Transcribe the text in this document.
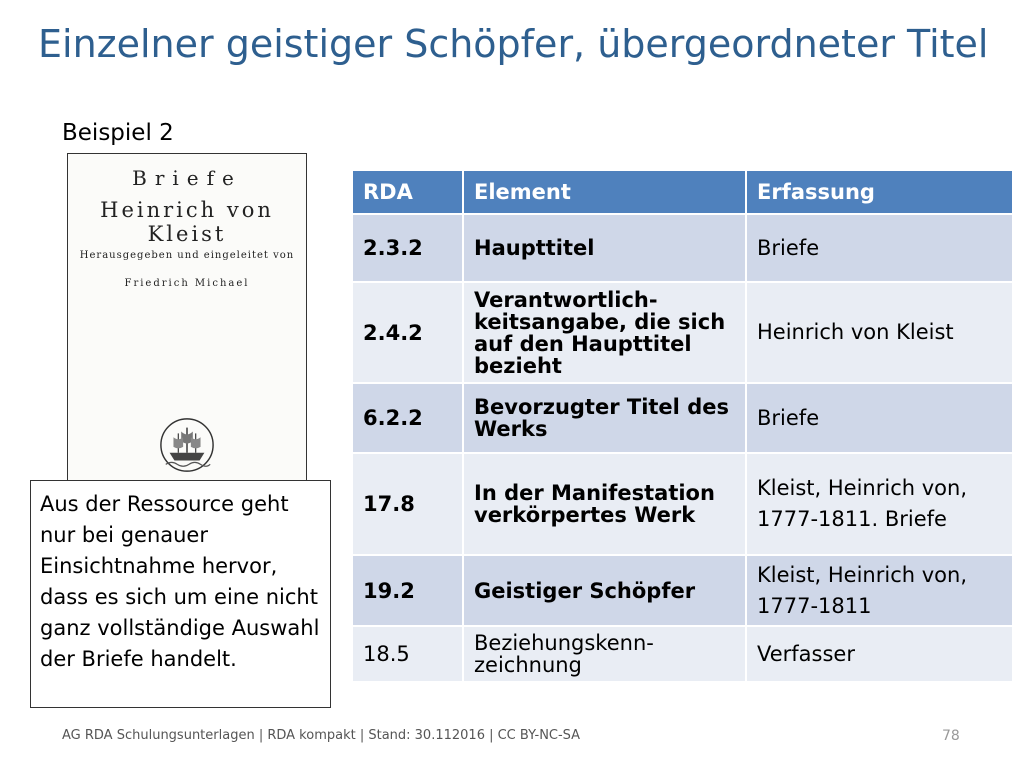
Einzelner geistiger Schöpfer, übergeordneter Titel
Beispiel 2
Briefe
Heinrich von Kleist
Herausgegeben und eingeleitet von
Friedrich Michael
Aus der Ressource geht nur bei genauer Einsichtnahme hervor, dass es sich um eine nicht ganz vollständige Auswahl der Briefe handelt.
RDA	Element	Erfassung
2.3.2	Haupttitel	Briefe
2.4.2	Verantwortlich-keitsangabe, die sich auf den Haupttitel bezieht	Heinrich von Kleist
6.2.2	Bevorzugter Titel des Werks	Briefe
17.8	In der Manifestation verkörpertes Werk	Kleist, Heinrich von, 1777-1811. Briefe
19.2	Geistiger Schöpfer	Kleist, Heinrich von, 1777-1811
18.5	Beziehungskenn-zeichnung	Verfasser
AG RDA Schulungsunterlagen | RDA kompakt | Stand: 30.112016 | CC BY-NC-SA	78
